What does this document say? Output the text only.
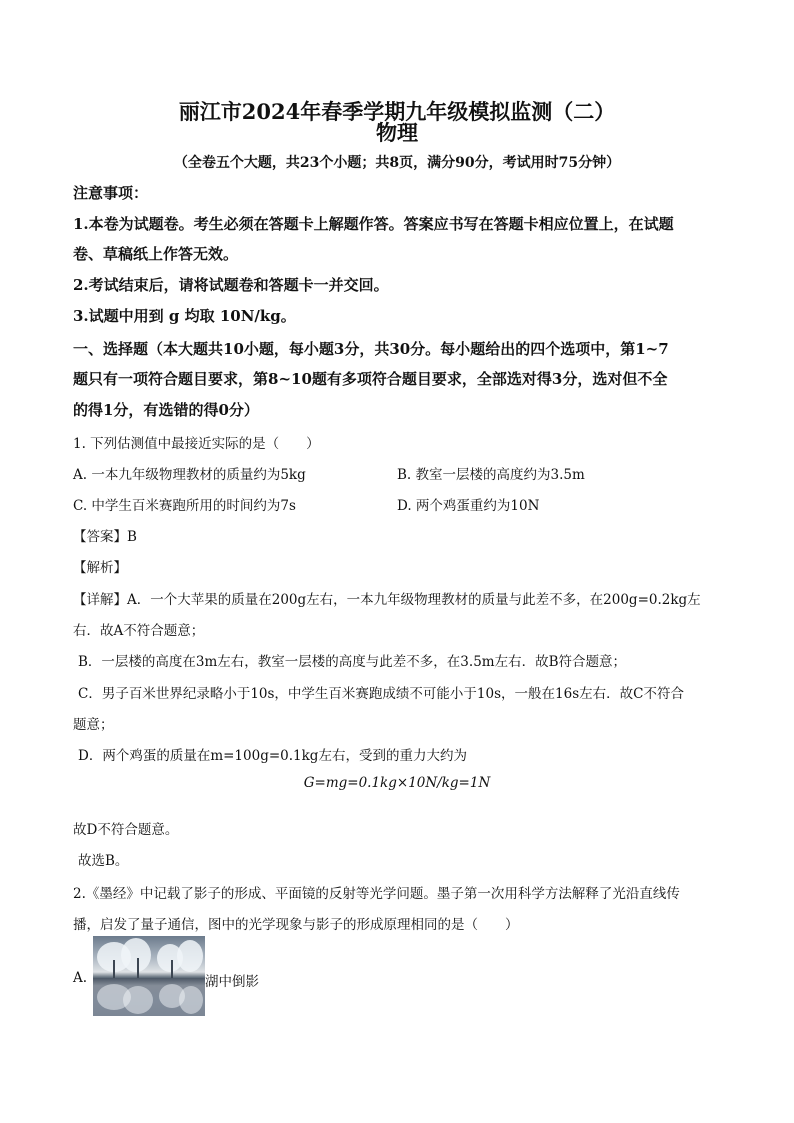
丽江市2024年春季学期九年级模拟监测（二）
物理
（全卷五个大题，共23个小题；共8页，满分90分，考试用时75分钟）
注意事项：
1.本卷为试题卷。考生必须在答题卡上解题作答。答案应书写在答题卡相应位置上，在试题
卷、草稿纸上作答无效。
2.考试结束后，请将试题卷和答题卡一并交回。
3.试题中用到 g 均取 10N/kg。
一、选择题（本大题共10小题，每小题3分，共30分。每小题给出的四个选项中，第1~7
题只有一项符合题目要求，第8~10题有多项符合题目要求，全部选对得3分，选对但不全
的得1分，有选错的得0分）
1. 下列估测值中最接近实际的是（　　）
A. 一本九年级物理教材的质量约为5kg	B. 教室一层楼的高度约为3.5m
C. 中学生百米赛跑所用的时间约为7s	D. 两个鸡蛋重约为10N
【答案】B
【解析】
【详解】A．一个大苹果的质量在200g左右，一本九年级物理教材的质量与此差不多，在200g=0.2kg左
右．故A不符合题意；
B．一层楼的高度在3m左右，教室一层楼的高度与此差不多，在3.5m左右．故B符合题意；
C．男子百米世界纪录略小于10s，中学生百米赛跑成绩不可能小于10s，一般在16s左右．故C不符合
题意；
D．两个鸡蛋的质量在m=100g=0.1kg左右，受到的重力大约为
G=mg=0.1kg×10N/kg=1N
故D不符合题意。
故选B。
2.《墨经》中记载了影子的形成、平面镜的反射等光学问题。墨子第一次用科学方法解释了光沿直线传
播，启发了量子通信，图中的光学现象与影子的形成原理相同的是（　　）
A.	湖中倒影
